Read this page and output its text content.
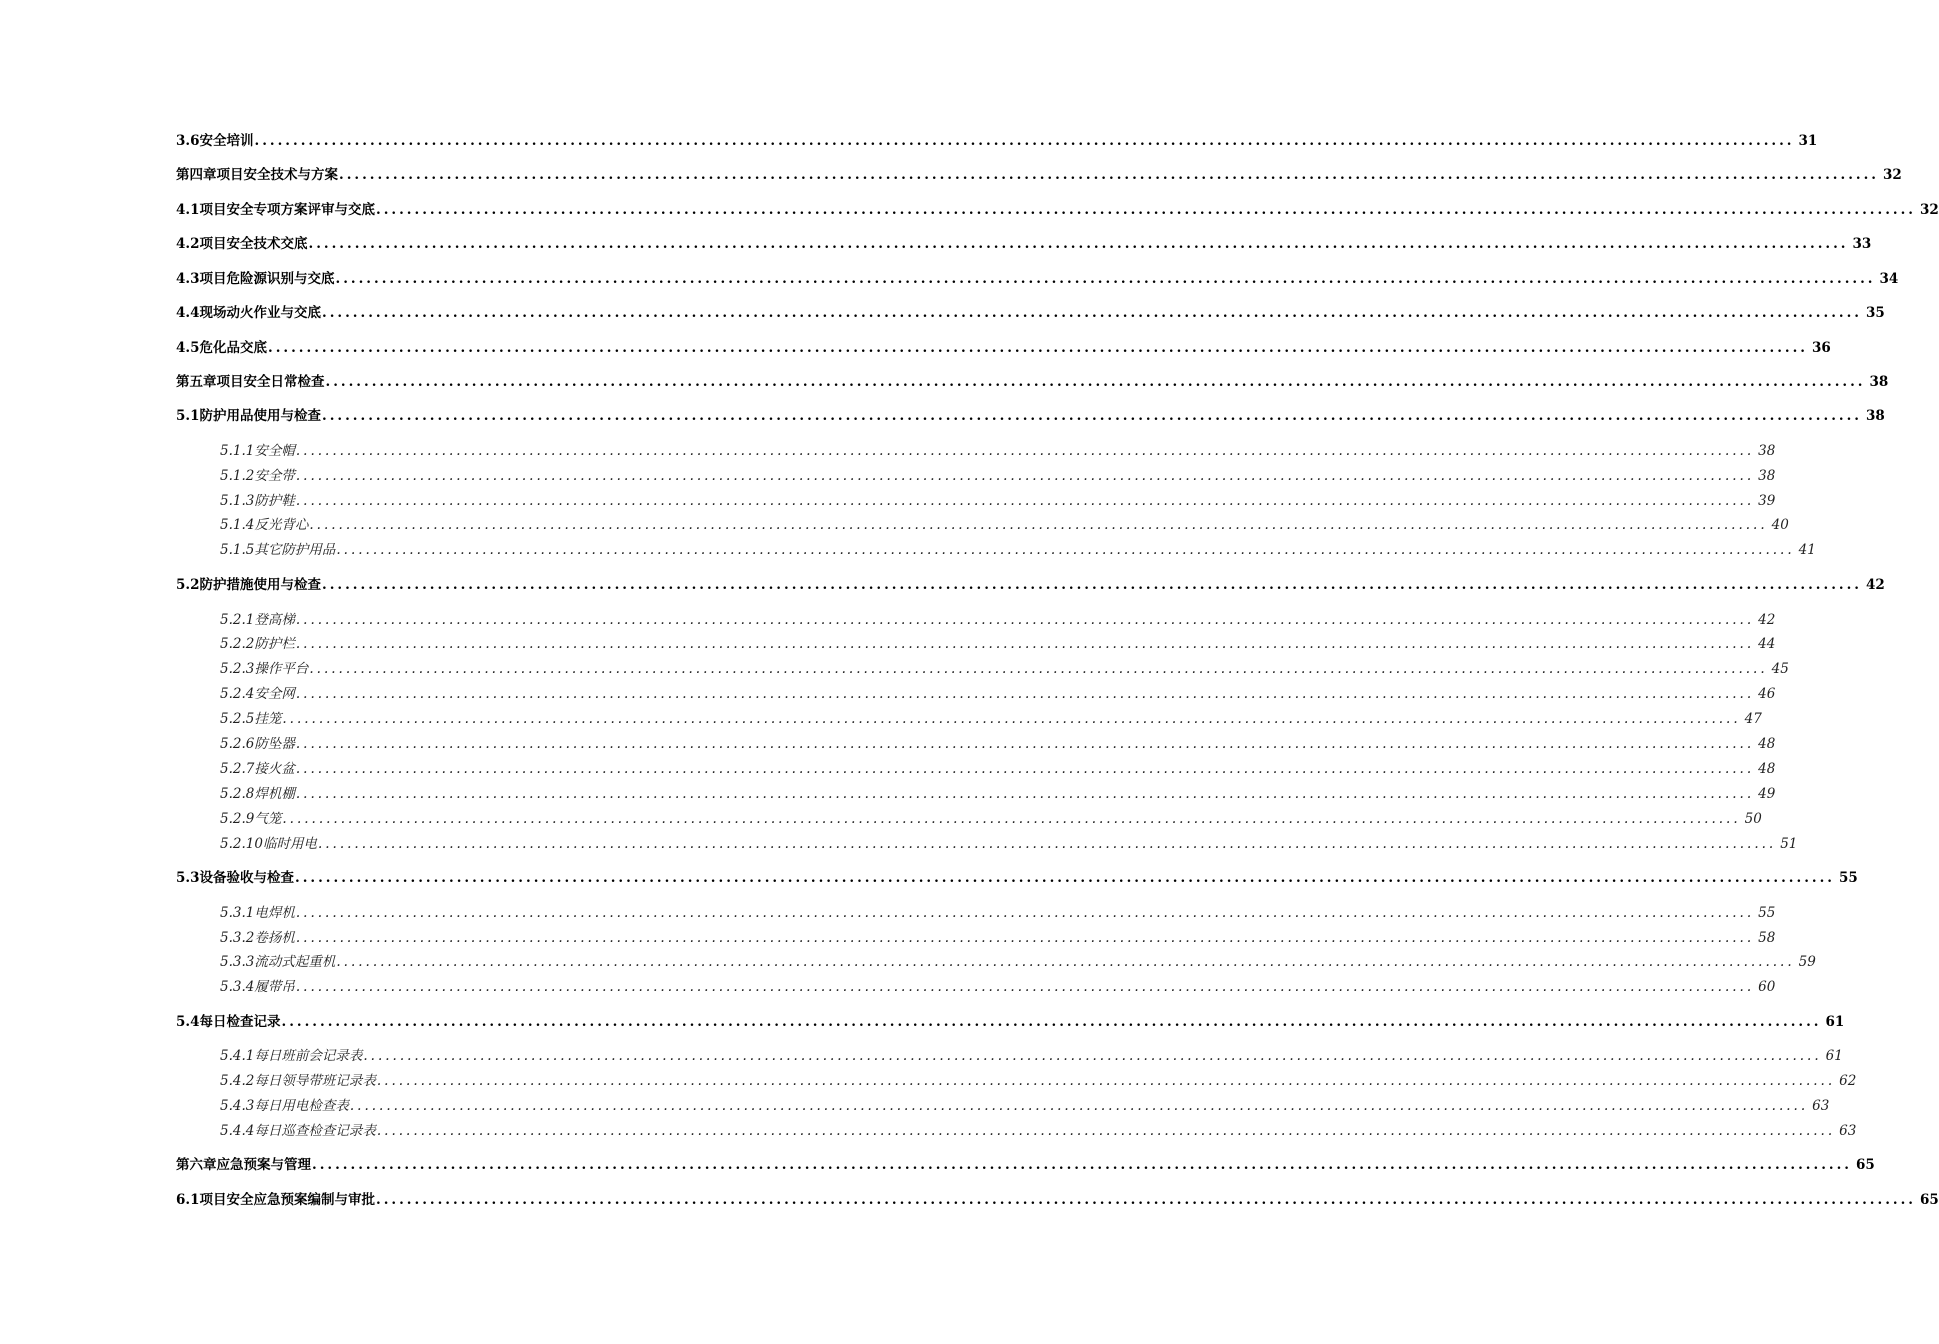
3.6安全培训 ........................................................................................................................................................................................................ 31
第四章项目安全技术与方案 ........................................................................................................................................................................................................ 32
4.1项目安全专项方案评审与交底 ........................................................................................................................................................................................................ 32
4.2项目安全技术交底 ........................................................................................................................................................................................................ 33
4.3项目危险源识别与交底 ........................................................................................................................................................................................................ 34
4.4现场动火作业与交底 ........................................................................................................................................................................................................ 35
4.5危化品交底 ........................................................................................................................................................................................................ 36
第五章项目安全日常检查 ........................................................................................................................................................................................................ 38
5.1防护用品使用与检查 ........................................................................................................................................................................................................ 38
5.1.1安全帽 ........................................................................................................................................................................................................ 38
5.1.2安全带 ........................................................................................................................................................................................................ 38
5.1.3防护鞋 ........................................................................................................................................................................................................ 39
5.1.4反光背心 ........................................................................................................................................................................................................ 40
5.1.5其它防护用品 ........................................................................................................................................................................................................ 41
5.2防护措施使用与检查 ........................................................................................................................................................................................................ 42
5.2.1登高梯 ........................................................................................................................................................................................................ 42
5.2.2防护栏 ........................................................................................................................................................................................................ 44
5.2.3操作平台 ........................................................................................................................................................................................................ 45
5.2.4安全网 ........................................................................................................................................................................................................ 46
5.2.5挂笼 ........................................................................................................................................................................................................ 47
5.2.6防坠器 ........................................................................................................................................................................................................ 48
5.2.7接火盆 ........................................................................................................................................................................................................ 48
5.2.8焊机棚 ........................................................................................................................................................................................................ 49
5.2.9气笼 ........................................................................................................................................................................................................ 50
5.2.10临时用电 ........................................................................................................................................................................................................ 51
5.3设备验收与检查 ........................................................................................................................................................................................................ 55
5.3.1电焊机 ........................................................................................................................................................................................................ 55
5.3.2卷扬机 ........................................................................................................................................................................................................ 58
5.3.3流动式起重机 ........................................................................................................................................................................................................ 59
5.3.4履带吊 ........................................................................................................................................................................................................ 60
5.4每日检查记录 ........................................................................................................................................................................................................ 61
5.4.1每日班前会记录表 ........................................................................................................................................................................................................ 61
5.4.2每日领导带班记录表 ........................................................................................................................................................................................................ 62
5.4.3每日用电检查表 ........................................................................................................................................................................................................ 63
5.4.4每日巡查检查记录表 ........................................................................................................................................................................................................ 63
第六章应急预案与管理 ........................................................................................................................................................................................................ 65
6.1项目安全应急预案编制与审批 ........................................................................................................................................................................................................ 65
